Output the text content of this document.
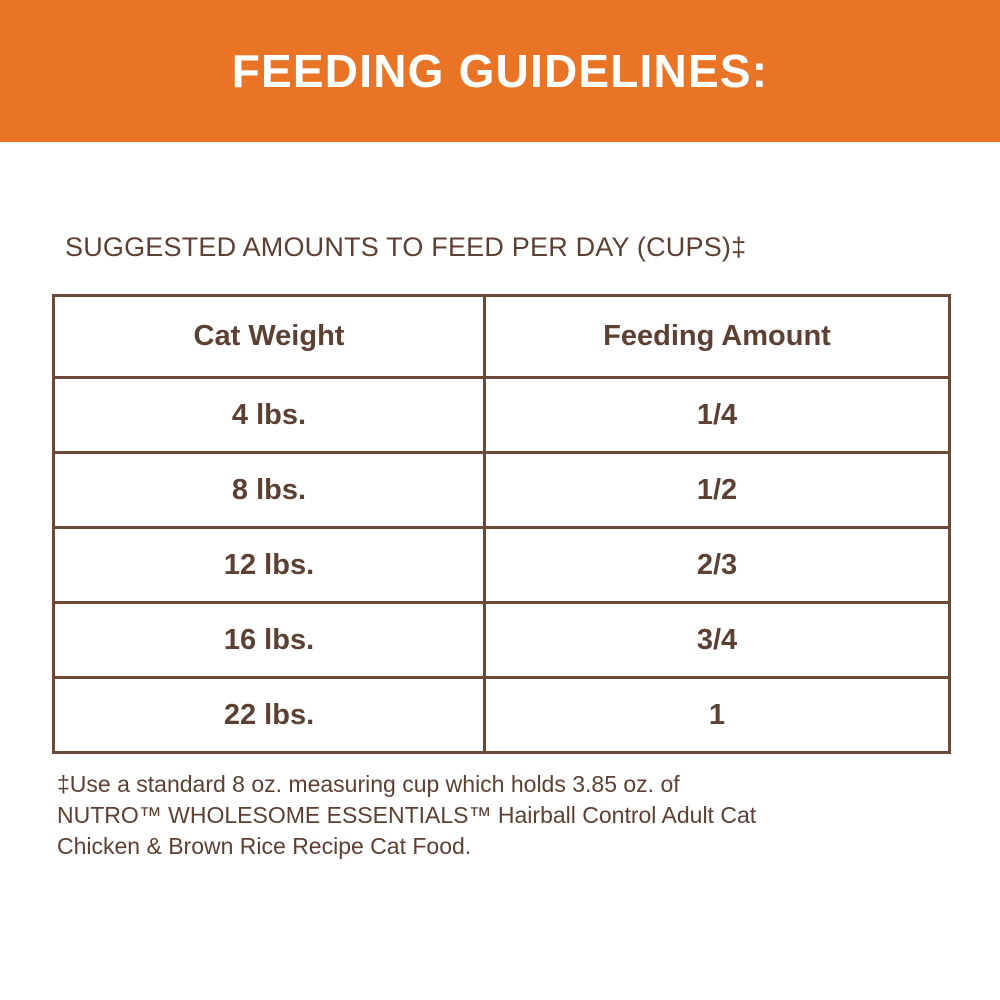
FEEDING GUIDELINES:
SUGGESTED AMOUNTS TO FEED PER DAY (CUPS)‡
Cat Weight	Feeding Amount
4 lbs.	1/4
8 lbs.	1/2
12 lbs.	2/3
16 lbs.	3/4
22 lbs.	1
‡Use a standard 8 oz. measuring cup which holds 3.85 oz. of
NUTRO™ WHOLESOME ESSENTIALS™ Hairball Control Adult Cat
Chicken & Brown Rice Recipe Cat Food.
